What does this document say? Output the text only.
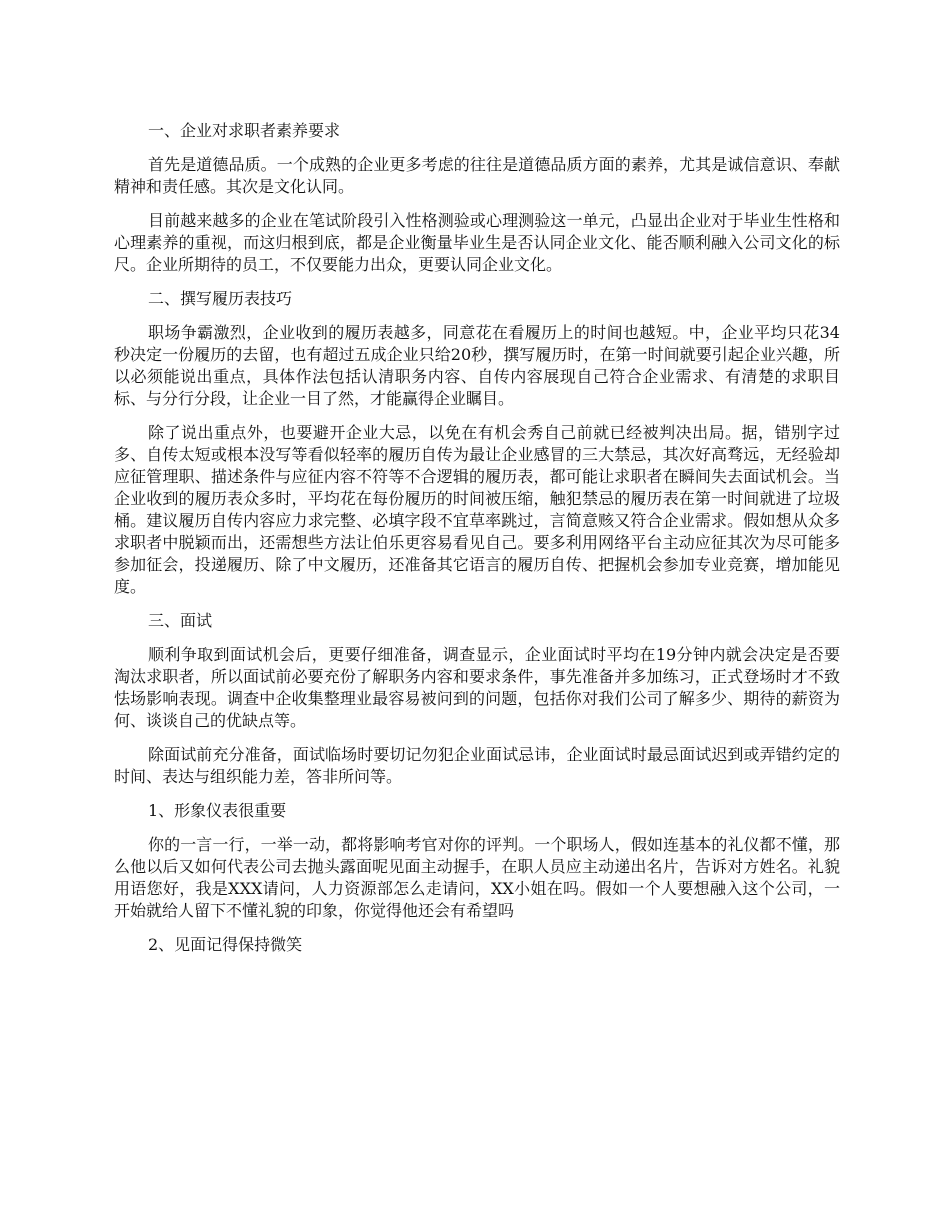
一、企业对求职者素养要求

首先是道德品质。一个成熟的企业更多考虑的往往是道德品质方面的素养，尤其是诚信意识、奉献精神和责任感。其次是文化认同。

目前越来越多的企业在笔试阶段引入性格测验或心理测验这一单元，凸显出企业对于毕业生性格和心理素养的重视，而这归根到底，都是企业衡量毕业生是否认同企业文化、能否顺利融入公司文化的标尺。企业所期待的员工，不仅要能力出众，更要认同企业文化。

二、撰写履历表技巧

职场争霸激烈，企业收到的履历表越多，同意花在看履历上的时间也越短。中，企业平均只花34秒决定一份履历的去留，也有超过五成企业只给20秒，撰写履历时，在第一时间就要引起企业兴趣，所以必须能说出重点，具体作法包括认清职务内容、自传内容展现自己符合企业需求、有清楚的求职目标、与分行分段，让企业一目了然，才能赢得企业瞩目。

除了说出重点外，也要避开企业大忌，以免在有机会秀自己前就已经被判决出局。据，错别字过多、自传太短或根本没写等看似轻率的履历自传为最让企业感冒的三大禁忌，其次好高骛远，无经验却应征管理职、描述条件与应征内容不符等不合逻辑的履历表，都可能让求职者在瞬间失去面试机会。当企业收到的履历表众多时，平均花在每份履历的时间被压缩，触犯禁忌的履历表在第一时间就进了垃圾桶。建议履历自传内容应力求完整、必填字段不宜草率跳过，言简意赅又符合企业需求。假如想从众多求职者中脱颖而出，还需想些方法让伯乐更容易看见自己。要多利用网络平台主动应征其次为尽可能多参加征会，投递履历、除了中文履历，还准备其它语言的履历自传、把握机会参加专业竞赛，增加能见度。

三、面试

顺利争取到面试机会后，更要仔细准备，调查显示，企业面试时平均在19分钟内就会决定是否要淘汰求职者，所以面试前必要充份了解职务内容和要求条件，事先准备并多加练习，正式登场时才不致怯场影响表现。调查中企收集整理业最容易被问到的问题，包括你对我们公司了解多少、期待的薪资为何、谈谈自己的优缺点等。

除面试前充分准备，面试临场时要切记勿犯企业面试忌讳，企业面试时最忌面试迟到或弄错约定的时间、表达与组织能力差，答非所问等。

1、形象仪表很重要

你的一言一行，一举一动，都将影响考官对你的评判。一个职场人，假如连基本的礼仪都不懂，那么他以后又如何代表公司去抛头露面呢见面主动握手，在职人员应主动递出名片，告诉对方姓名。礼貌用语您好，我是XXX请问，人力资源部怎么走请问，XX小姐在吗。假如一个人要想融入这个公司，一开始就给人留下不懂礼貌的印象，你觉得他还会有希望吗

2、见面记得保持微笑
